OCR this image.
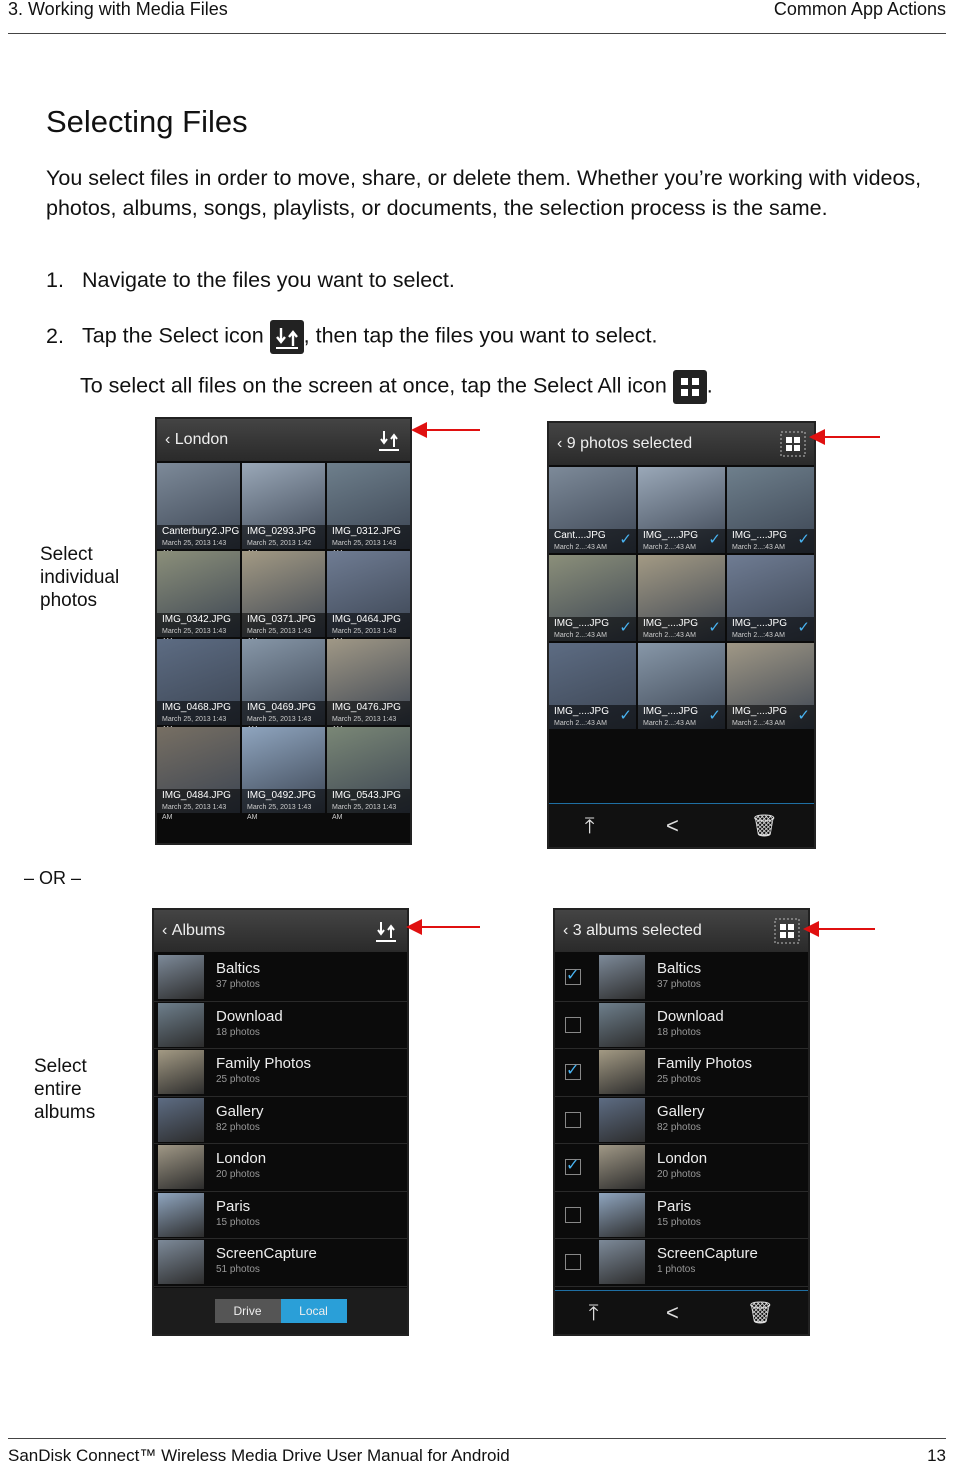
3. Working with Media Files	Common App Actions
Selecting Files

You select files in order to move, share, or delete them. Whether you’re working with videos, photos, albums, songs, playlists, or documents, the selection process is the same.

1. Navigate to the files you want to select.
2. Tap the Select icon , then tap the files you want to select.
To select all files on the screen at once, tap the Select All icon .
Select individual photos
– OR –
Select entire albums
‹ London
Canterbury2.JPG
March 25, 2013 1:43
IMG_0293.JPG
March 25, 2013 1:42
IMG_0312.JPG
March 25, 2013 1:43
IMG_0342.JPG
March 25, 2013 1:43
IMG_0371.JPG
March 25, 2013 1:43
IMG_0464.JPG
March 25, 2013 1:43
IMG_0468.JPG
March 25, 2013 1:43
IMG_0469.JPG
March 25, 2013 1:43
IMG_0476.JPG
March 25, 2013 1:43
IMG_0484.JPG
March 25, 2013 1:43 AM
IMG_0492.JPG
March 25, 2013 1:43 AM
IMG_0543.JPG
March 25, 2013 1:43 AM
‹ 9 photos selected
Cant....JPG
March 2...:43 AM ✓	IMG_....JPG
March 2...:43 AM ✓	IMG_....JPG
March 2...:43 AM ✓
IMG_....JPG
March 2...:43 AM ✓	IMG_....JPG
March 2...:43 AM ✓	IMG_....JPG
March 2...:43 AM ✓
IMG_....JPG
March 2...:43 AM ✓	IMG_....JPG
March 2...:43 AM ✓	IMG_....JPG
March 2...:43 AM ✓
⤒	<	🗑
‹ Albums
Baltics
37 photos
Download
18 photos
Family Photos
25 photos
Gallery
82 photos
London
20 photos
Paris
15 photos
ScreenCapture
51 photos
Drive	Local
‹ 3 albums selected
✓	Baltics
37 photos
Download
18 photos
✓	Family Photos
25 photos
Gallery
82 photos
✓	London
20 photos
Paris
15 photos
ScreenCapture
1 photos
⤒	<	🗑
SanDisk Connect™ Wireless Media Drive User Manual for Android	13
